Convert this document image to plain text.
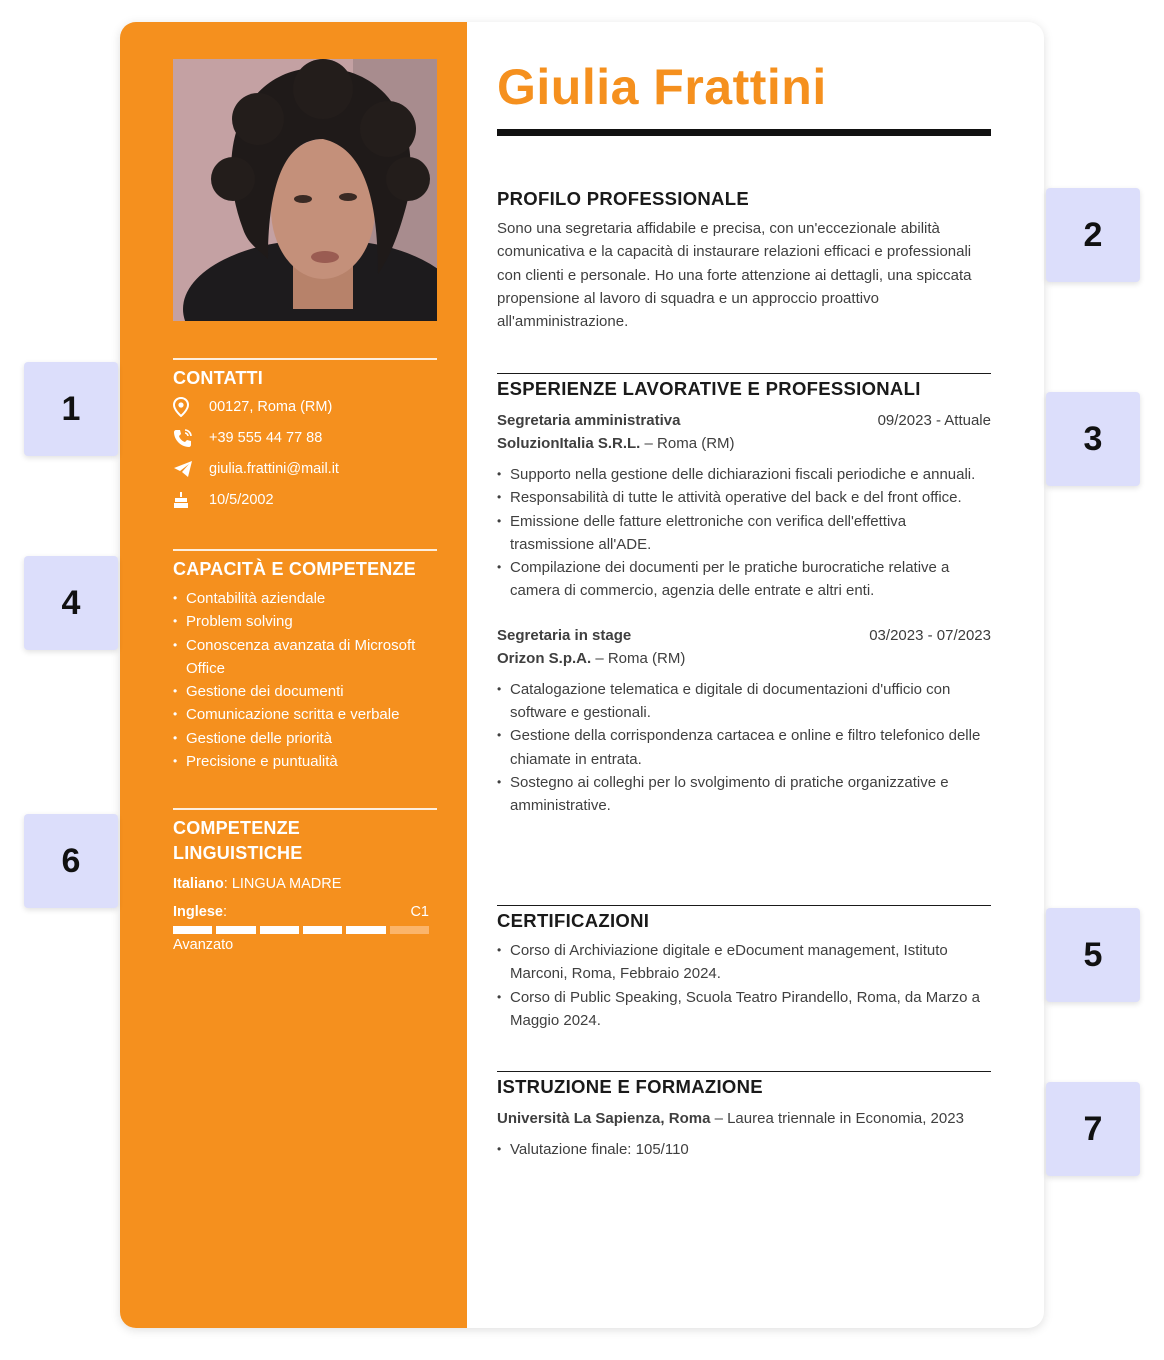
CONTATTI
00127, Roma (RM)
+39 555 44 77 88
giulia.frattini@mail.it
10/5/2002
CAPACITÀ E COMPETENZE
• Contabilità aziendale
• Problem solving
• Conoscenza avanzata di Microsoft Office
• Gestione dei documenti
• Comunicazione scritta e verbale
• Gestione delle priorità
• Precisione e puntualità
COMPETENZE LINGUISTICHE
Italiano: LINGUA MADRE
Inglese:	C1
Avanzato
Giulia Frattini
PROFILO PROFESSIONALE
Sono una segretaria affidabile e precisa, con un'eccezionale abilità comunicativa e la capacità di instaurare relazioni efficaci e professionali con clienti e personale. Ho una forte attenzione ai dettagli, una spiccata propensione al lavoro di squadra e un approccio proattivo all'amministrazione.
ESPERIENZE LAVORATIVE E PROFESSIONALI
Segretaria amministrativa	09/2023 - Attuale
SoluzionItalia S.R.L. – Roma (RM)
• Supporto nella gestione delle dichiarazioni fiscali periodiche e annuali.
• Responsabilità di tutte le attività operative del back e del front office.
• Emissione delle fatture elettroniche con verifica dell'effettiva trasmissione all'ADE.
• Compilazione dei documenti per le pratiche burocratiche relative a camera di commercio, agenzia delle entrate e altri enti.
Segretaria in stage	03/2023 - 07/2023
Orizon S.p.A. – Roma (RM)
• Catalogazione telematica e digitale di documentazioni d'ufficio con software e gestionali.
• Gestione della corrispondenza cartacea e online e filtro telefonico delle chiamate in entrata.
• Sostegno ai colleghi per lo svolgimento di pratiche organizzative e amministrative.
CERTIFICAZIONI
• Corso di Archiviazione digitale e eDocument management, Istituto Marconi, Roma, Febbraio 2024.
• Corso di Public Speaking, Scuola Teatro Pirandello, Roma, da Marzo a Maggio 2024.
ISTRUZIONE E FORMAZIONE
Università La Sapienza, Roma – Laurea triennale in Economia, 2023
• Valutazione finale: 105/110
1
2
3
4
5
6
7
